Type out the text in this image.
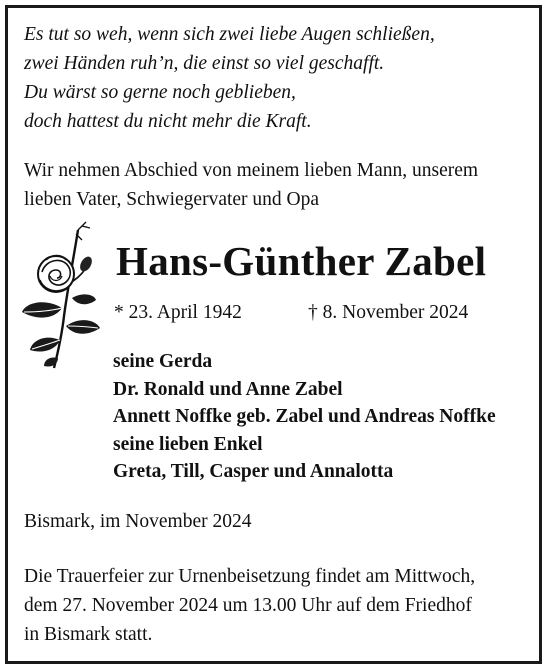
Es tut so weh, wenn sich zwei liebe Augen schließen,
zwei Händen ruh’n, die einst so viel geschafft.
Du wärst so gerne noch geblieben,
doch hattest du nicht mehr die Kraft.
Wir nehmen Abschied von meinem lieben Mann, unserem
lieben Vater, Schwiegervater und Opa
Hans-Günther Zabel
* 23. April 1942	† 8. November 2024
seine Gerda
Dr. Ronald und Anne Zabel
Annett Noffke geb. Zabel und Andreas Noffke
seine lieben Enkel
Greta, Till, Casper und Annalotta
Bismark, im November 2024
Die Trauerfeier zur Urnenbeisetzung findet am Mittwoch,
dem 27. November 2024 um 13.00 Uhr auf dem Friedhof
in Bismark statt.
